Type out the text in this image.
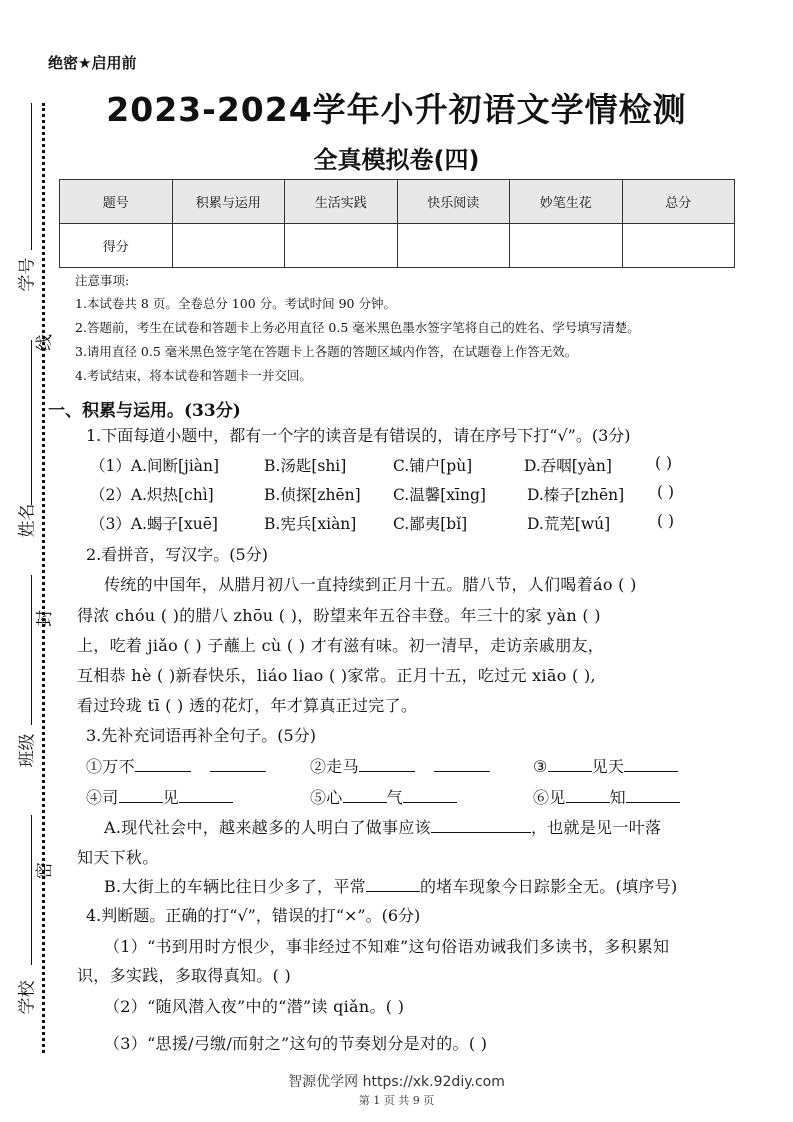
学号
线
姓名
封
班级
密
学校
绝密★启用前
2023-2024学年小升初语文学情检测
全真模拟卷(四)
题号	积累与运用	生活实践	快乐阅读	妙笔生花	总分
得分					
注意事项:
1.本试卷共 8 页。全卷总分 100 分。考试时间 90 分钟。
2.答题前，考生在试卷和答题卡上务必用直径 0.5 毫米黑色墨水签字笔将自己的姓名、学号填写清楚。
3.请用直径 0.5 毫米黑色签字笔在答题卡上各题的答题区域内作答，在试题卷上作答无效。
4.考试结束，将本试卷和答题卡一并交回。
一、积累与运用。(33分)
1.下面每道小题中，都有一个字的读音是有错误的，请在序号下打“√”。(3分)
（1）A.间断[jiàn]	B.汤匙[shi]	C.铺户[pù]	D.吞咽[yàn]	( )
（2）A.炽热[chì]	B.侦探[zhēn] C.温馨[xīng]	D.榛子[zhēn] ( )
（3）A.蝎子[xuē]	B.宪兵[xiàn] C.鄙夷[bǐ]	D.荒芜[wú]	( )
2.看拼音，写汉字。(5分)
传统的中国年，从腊月初八一直持续到正月十五。腊八节，人们喝着áo ( )
得浓 chóu ( )的腊八 zhōu ( )，盼望来年五谷丰登。年三十的家 yàn ( )
上，吃着 jiǎo ( ) 子蘸上 cù ( ) 才有滋有味。初一清早，走访亲戚朋友，
互相恭 hè ( )新春快乐，liáo liao ( )家常。正月十五，吃过元 xiāo ( ),
看过玲珑 tī ( ) 透的花灯，年才算真正过完了。
3.先补充词语再补全句子。(5分)
①万不	②走马	③	见天
④司	见	⑤心	气	⑥见	知
A.现代社会中，越来越多的人明白了做事应该	，也就是见一叶落
知天下秋。
B.大街上的车辆比往日少多了，平常	的堵车现象今日踪影全无。(填序号)
4.判断题。正确的打“√”，错误的打“×”。(6分)
（1）“书到用时方恨少，事非经过不知难”这句俗语劝诫我们多读书，多积累知
识，多实践，多取得真知。( )
（2）“随风潜入夜”中的“潜”读 qiǎn。( )
（3）“思援/弓缴/而射之”这句的节奏划分是对的。( )
智源优学网 https://xk.92diy.com
第 1 页 共 9 页
